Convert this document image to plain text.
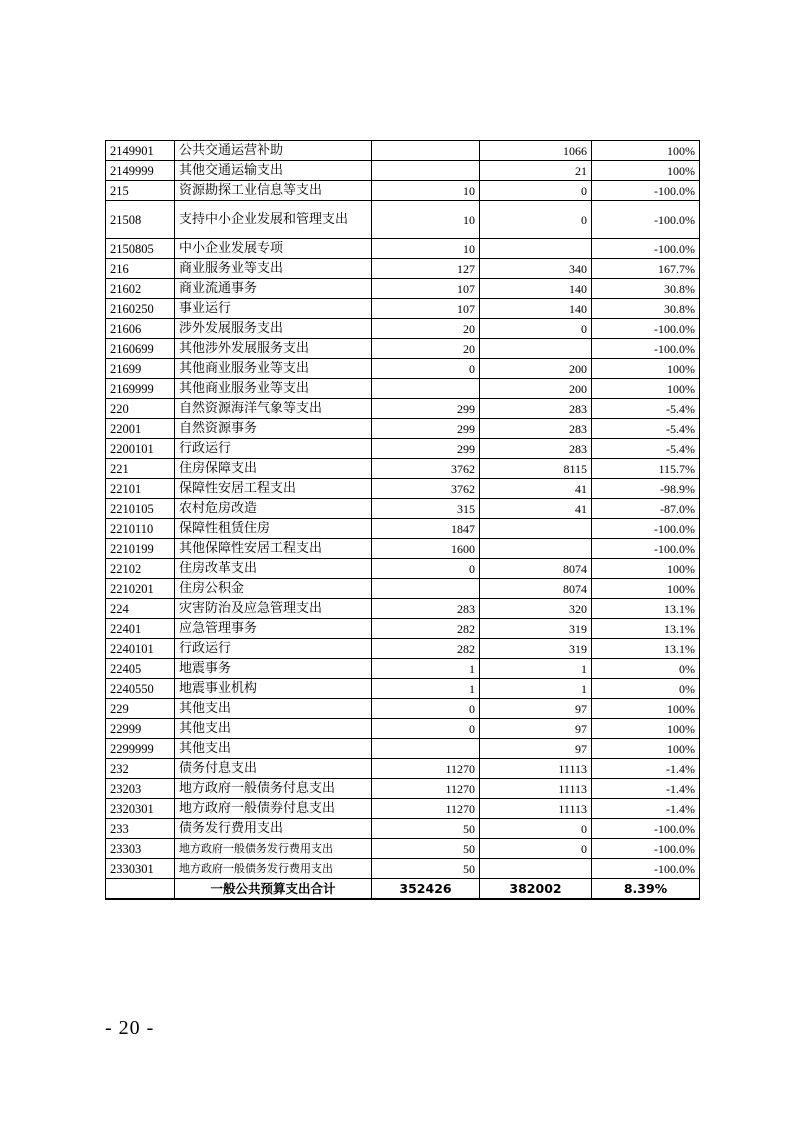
2149901	公共交通运营补助		1066	100%
2149999	其他交通运输支出		21	100%
215	资源勘探工业信息等支出	10	0	-100.0%
21508	支持中小企业发展和管理支出	10	0	-100.0%
2150805	中小企业发展专项	10		-100.0%
216	商业服务业等支出	127	340	167.7%
21602	商业流通事务	107	140	30.8%
2160250	事业运行	107	140	30.8%
21606	涉外发展服务支出	20	0	-100.0%
2160699	其他涉外发展服务支出	20		-100.0%
21699	其他商业服务业等支出	0	200	100%
2169999	其他商业服务业等支出		200	100%
220	自然资源海洋气象等支出	299	283	-5.4%
22001	自然资源事务	299	283	-5.4%
2200101	行政运行	299	283	-5.4%
221	住房保障支出	3762	8115	115.7%
22101	保障性安居工程支出	3762	41	-98.9%
2210105	农村危房改造	315	41	-87.0%
2210110	保障性租赁住房	1847		-100.0%
2210199	其他保障性安居工程支出	1600		-100.0%
22102	住房改革支出	0	8074	100%
2210201	住房公积金		8074	100%
224	灾害防治及应急管理支出	283	320	13.1%
22401	应急管理事务	282	319	13.1%
2240101	行政运行	282	319	13.1%
22405	地震事务	1	1	0%
2240550	地震事业机构	1	1	0%
229	其他支出	0	97	100%
22999	其他支出	0	97	100%
2299999	其他支出		97	100%
232	债务付息支出	11270	11113	-1.4%
23203	地方政府一般债务付息支出	11270	11113	-1.4%
2320301	地方政府一般债券付息支出	11270	11113	-1.4%
233	债务发行费用支出	50	0	-100.0%
23303	地方政府一般债务发行费用支出	50	0	-100.0%
2330301	地方政府一般债务发行费用支出	50		-100.0%
	一般公共预算支出合计	352426	382002	8.39%
- 20 -
